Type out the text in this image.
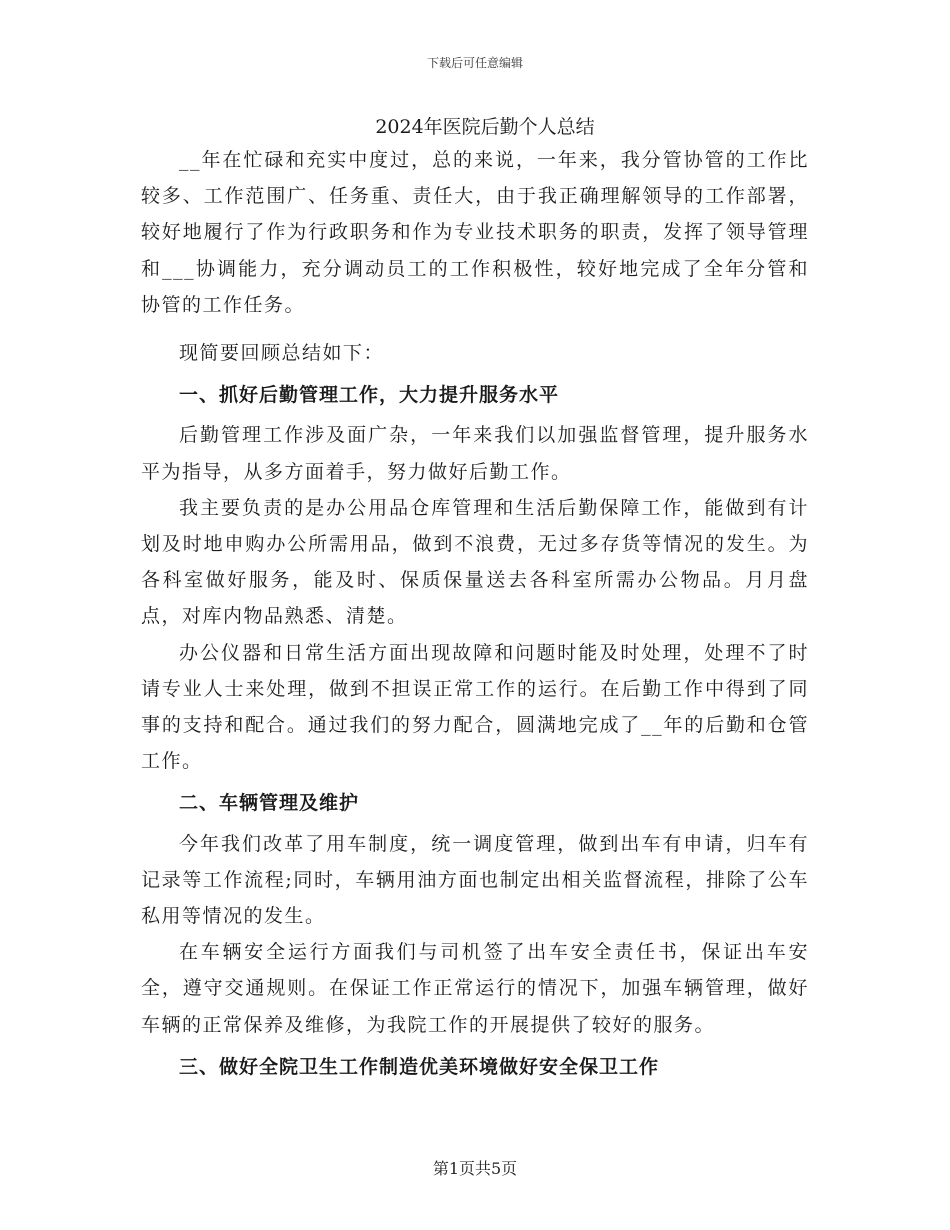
下载后可任意编辑
2024年医院后勤个人总结

__年在忙碌和充实中度过，总的来说，一年来，我分管协管的工作比较多、工作范围广、任务重、责任大，由于我正确理解领导的工作部署，较好地履行了作为行政职务和作为专业技术职务的职责，发挥了领导管理和___协调能力，充分调动员工的工作积极性，较好地完成了全年分管和协管的工作任务。

现简要回顾总结如下：

一、抓好后勤管理工作，大力提升服务水平

后勤管理工作涉及面广杂，一年来我们以加强监督管理，提升服务水平为指导，从多方面着手，努力做好后勤工作。

我主要负责的是办公用品仓库管理和生活后勤保障工作，能做到有计划及时地申购办公所需用品，做到不浪费，无过多存货等情况的发生。为各科室做好服务，能及时、保质保量送去各科室所需办公物品。月月盘点，对库内物品熟悉、清楚。

办公仪器和日常生活方面出现故障和问题时能及时处理，处理不了时请专业人士来处理，做到不担误正常工作的运行。在后勤工作中得到了同事的支持和配合。通过我们的努力配合，圆满地完成了__年的后勤和仓管工作。

二、车辆管理及维护

今年我们改革了用车制度，统一调度管理，做到出车有申请，归车有记录等工作流程;同时，车辆用油方面也制定出相关监督流程，排除了公车私用等情况的发生。

在车辆安全运行方面我们与司机签了出车安全责任书，保证出车安全，遵守交通规则。在保证工作正常运行的情况下，加强车辆管理，做好车辆的正常保养及维修，为我院工作的开展提供了较好的服务。

三、做好全院卫生工作制造优美环境做好安全保卫工作
第1页共5页
